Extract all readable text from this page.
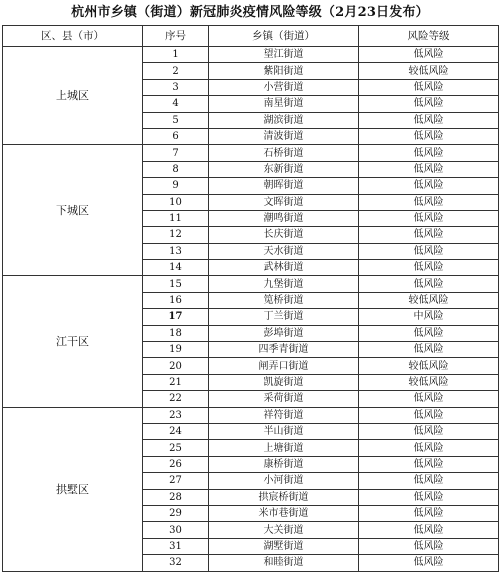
杭州市乡镇（街道）新冠肺炎疫情风险等级（2月23日发布）
区、县（市）	序号	乡镇（街道）	风险等级
上城区	1	望江街道	低风险
	2	紫阳街道	较低风险
	3	小营街道	低风险
	4	南星街道	低风险
	5	湖滨街道	低风险
	6	清波街道	低风险
下城区	7	石桥街道	低风险
	8	东新街道	低风险
	9	朝晖街道	低风险
	10	文晖街道	低风险
	11	潮鸣街道	低风险
	12	长庆街道	低风险
	13	天水街道	低风险
	14	武林街道	低风险
江干区	15	九堡街道	低风险
	16	笕桥街道	较低风险
	17	丁兰街道	中风险
	18	彭埠街道	低风险
	19	四季青街道	低风险
	20	闸弄口街道	较低风险
	21	凯旋街道	较低风险
	22	采荷街道	低风险
拱墅区	23	祥符街道	低风险
	24	半山街道	低风险
	25	上塘街道	低风险
	26	康桥街道	低风险
	27	小河街道	低风险
	28	拱宸桥街道	低风险
	29	米市巷街道	低风险
	30	大关街道	低风险
	31	湖墅街道	低风险
	32	和睦街道	低风险
